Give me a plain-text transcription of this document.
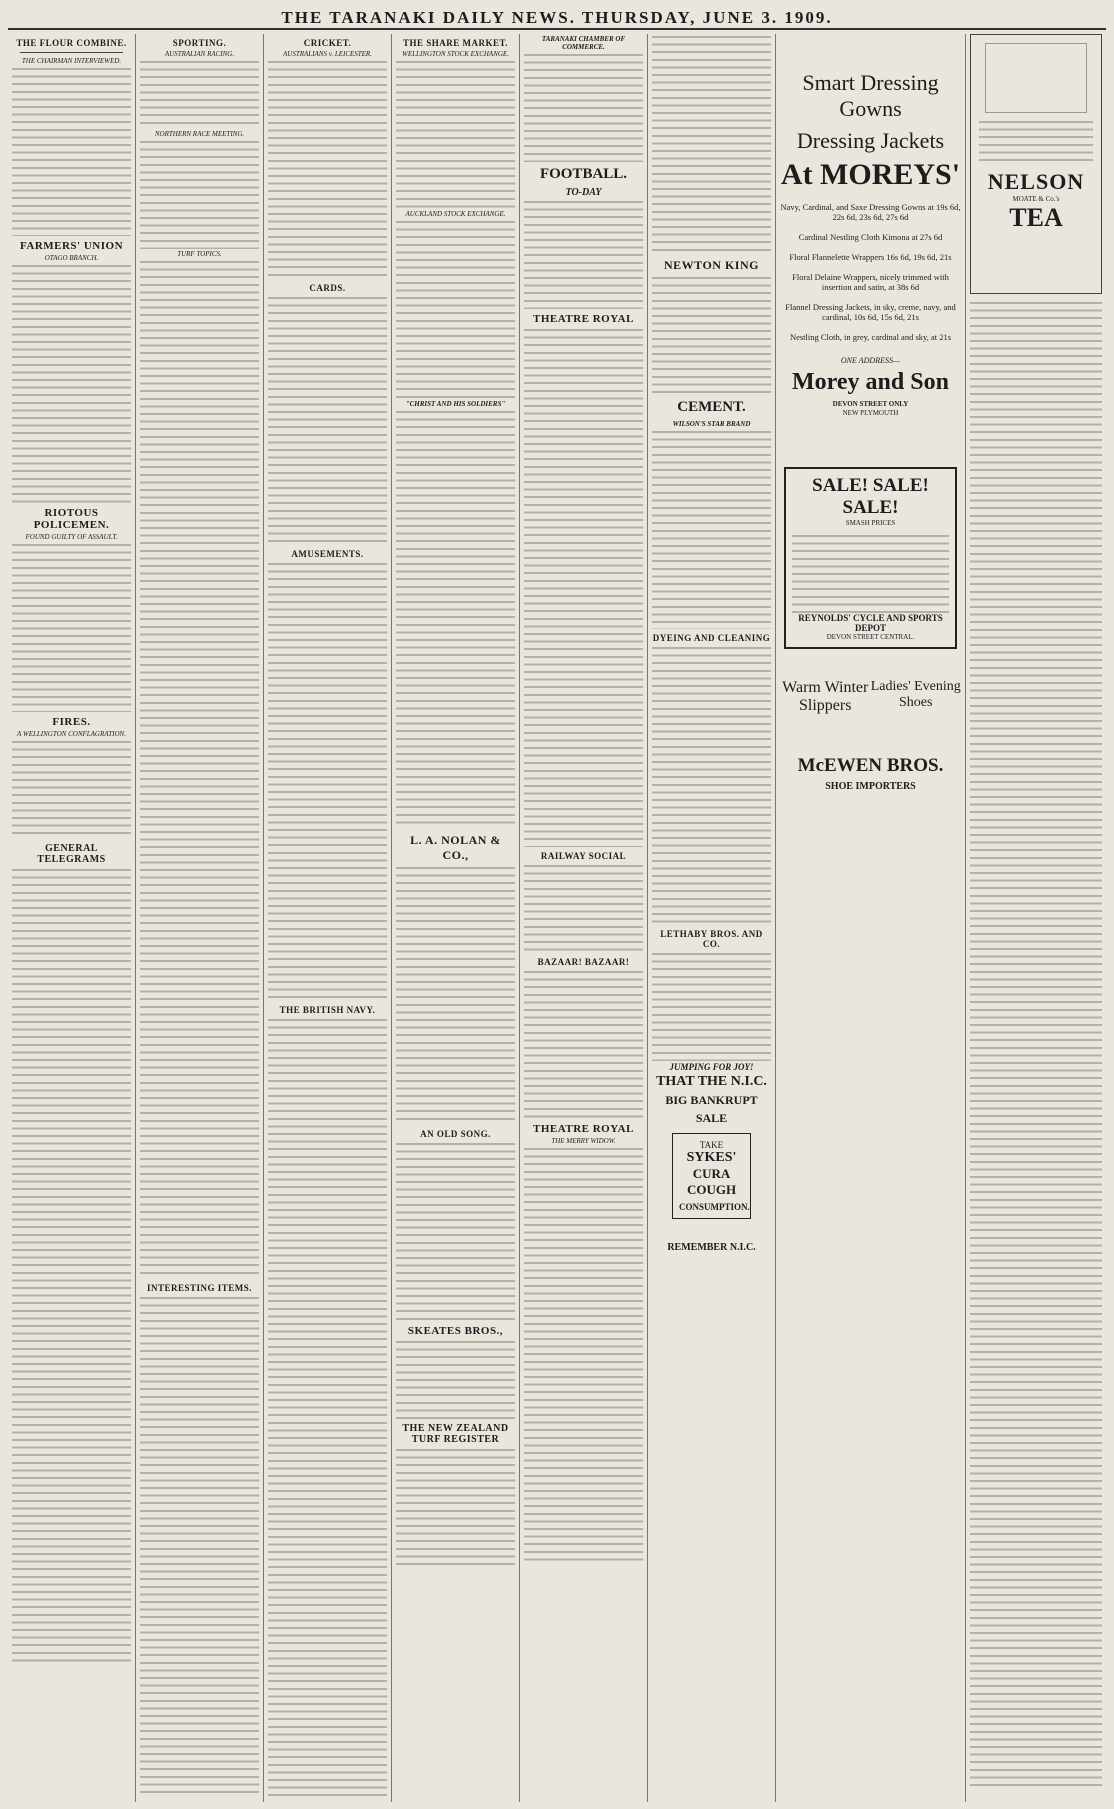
THE TARANAKI DAILY NEWS. THURSDAY, JUNE 3. 1909.
THE FLOUR COMBINE.
THE CHAIRMAN INTERVIEWED.
FARMERS' UNION
OTAGO BRANCH.
RIOTOUS POLICEMEN.
FOUND GUILTY OF ASSAULT.
FIRES.
A WELLINGTON CONFLAGRATION.
GENERAL TELEGRAMS
SPORTING.
AUSTRALIAN RACING.
NORTHERN RACE MEETING.
TURF TOPICS.
INTERESTING ITEMS.
CRICKET.
AUSTRALIANS v. LEICESTER.
CARDS.
AMUSEMENTS.
THE BRITISH NAVY.
THE SHARE MARKET.
WELLINGTON STOCK EXCHANGE.
AUCKLAND STOCK EXCHANGE.
"CHRIST AND HIS SOLDIERS"
L. A. NOLAN & CO.,
AN OLD SONG.
SKEATES BROS.,
THE NEW ZEALAND TURF REGISTER
TARANAKI CHAMBER OF COMMERCE.
FOOTBALL.
TO-DAY
THEATRE ROYAL
RAILWAY SOCIAL
BAZAAR! BAZAAR!
THEATRE ROYAL
THE MERRY WIDOW.
NEWTON KING
CEMENT.
WILSON'S STAR BRAND
DYEING AND CLEANING
LETHABY BROS. AND CO.
JUMPING FOR JOY!
THAT THE N.I.C.
BIG BANKRUPT SALE
TAKE
SYKES'
CURA COUGH
CONSUMPTION.
REMEMBER N.I.C.
Smart Dressing Gowns
Dressing Jackets
At MOREYS'
Navy, Cardinal, and Saxe Dressing Gowns at 19s 6d, 22s 6d, 23s 6d, 27s 6d
Cardinal Nestling Cloth Kimona at 27s 6d
Floral Flannelette Wrappers 16s 6d, 19s 6d, 21s
Floral Delaine Wrappers, nicely trimmed with insertion and satin, at 38s 6d
Flannel Dressing Jackets, in sky, creme, navy, and cardinal, 10s 6d, 15s 6d, 21s
Nestling Cloth, in grey, cardinal and sky, at 21s
ONE ADDRESS—
Morey and Son
DEVON STREET ONLY
NEW PLYMOUTH
SALE! SALE! SALE!
SMASH PRICES
REYNOLDS' CYCLE AND SPORTS DEPOT
DEVON STREET CENTRAL.
Warm Winter Slippers
Ladies' Evening Shoes
McEWEN BROS.
SHOE IMPORTERS
NELSON
MOATE & Co.'s
TEA
